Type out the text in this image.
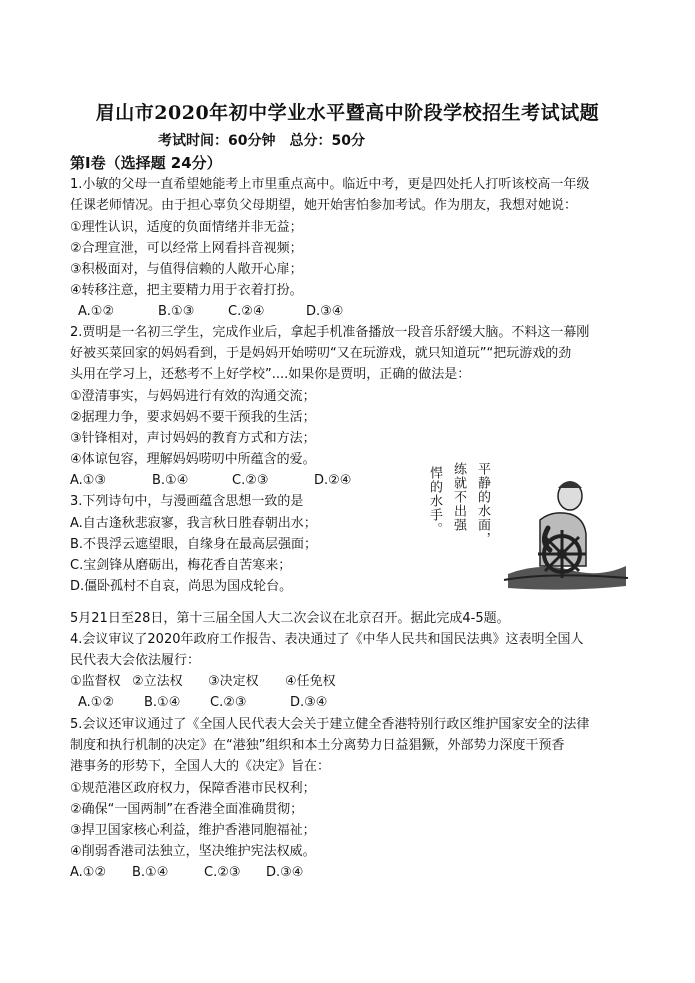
眉山市2020年初中学业水平暨高中阶段学校招生考试试题
考试时间：60分钟　总分：50分
第Ⅰ卷（选择题 24分）
1.小敏的父母一直希望她能考上市里重点高中。临近中考，更是四处托人打听该校高一年级
任课老师情况。由于担心辜负父母期望，她开始害怕参加考试。作为朋友，我想对她说：
①理性认识，适度的负面情绪并非无益；
②合理宣泄，可以经常上网看抖音视频；
③积极面对，与值得信赖的人敞开心扉；
④转移注意，把主要精力用于衣着打扮。
A.①②	B.①③	C.②④	D.③④
2.贾明是一名初三学生，完成作业后，拿起手机准备播放一段音乐舒缓大脑。不料这一幕刚
好被买菜回家的妈妈看到，于是妈妈开始唠叨“又在玩游戏，就只知道玩”“把玩游戏的劲
头用在学习上，还愁考不上好学校”....如果你是贾明，正确的做法是：
①澄清事实，与妈妈进行有效的沟通交流；
②据理力争，要求妈妈不要干预我的生活；
③针锋相对，声讨妈妈的教育方式和方法；
④体谅包容，理解妈妈唠叨中所蕴含的爱。
A.①③	B.①④	C.②③	D.②④
3.下列诗句中，与漫画蕴含思想一致的是
A.自古逢秋悲寂寥，我言秋日胜春朝出水；
B.不畏浮云遮望眼，自缘身在最高层强面；
C.宝剑锋从磨砺出，梅花香自苦寒来；
D.僵卧孤村不自哀，尚思为国戍轮台。
悍的水手。 练就不出强 平静的水面，
5月21日至28日，第十三届全国人大二次会议在北京召开。据此完成4-5题。
4.会议审议了2020年政府工作报告、表决通过了《中华人民共和国民法典》这表明全国人
民代表大会依法履行：
①监督权 ②立法权 ③决定权 ④任免权
A.①② B.①④ C.②③	D.③④
5.会议还审议通过了《全国人民代表大会关于建立健全香港特别行政区维护国家安全的法律
制度和执行机制的决定》在“港独”组织和本土分离势力日益猖獗，外部势力深度干预香
港事务的形势下，全国人大的《决定》旨在：
①规范港区政府权力，保障香港市民权利；
②确保“一国两制”在香港全面准确贯彻；
③捍卫国家核心利益，维护香港同胞福祉；
④削弱香港司法独立，坚决维护宪法权威。
A.①② B.①④	C.②③ D.③④
